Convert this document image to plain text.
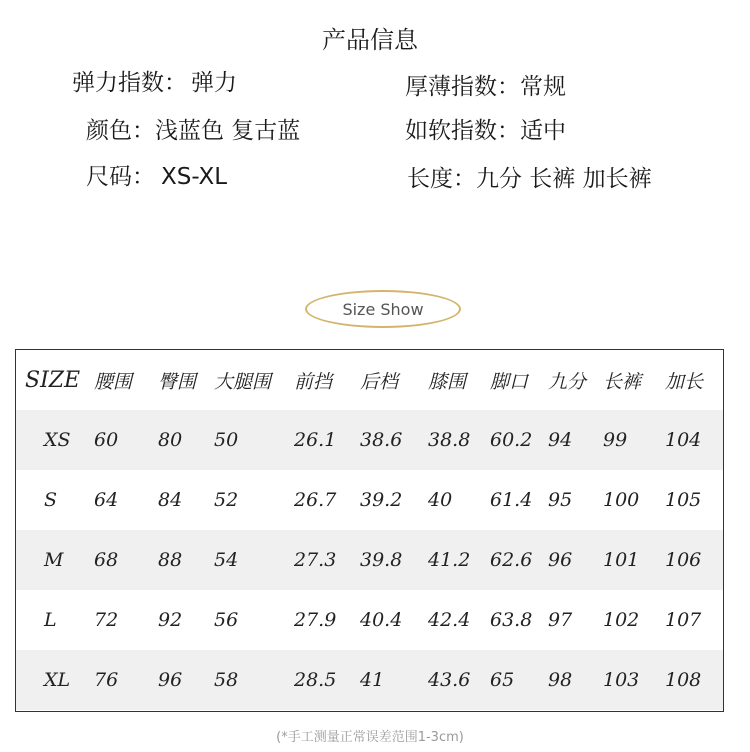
产品信息
弹力指数： 弹力	厚薄指数：常规
颜色：浅蓝色 复古蓝	如软指数：适中
尺码： XS-XL	长度：九分 长裤 加长裤
Size Show
SIZE	腰围	臀围	大腿围	前挡	后档	膝围	脚口	九分	长裤	加长
XS	60	80	50	26.1	38.6	38.8	60.2	94	99	104
S	64	84	52	26.7	39.2	40	61.4	95	100	105
M	68	88	54	27.3	39.8	41.2	62.6	96	101	106
L	72	92	56	27.9	40.4	42.4	63.8	97	102	107
XL	76	96	58	28.5	41	43.6	65	98	103	108
(*手工测量正常误差范围1-3cm)
